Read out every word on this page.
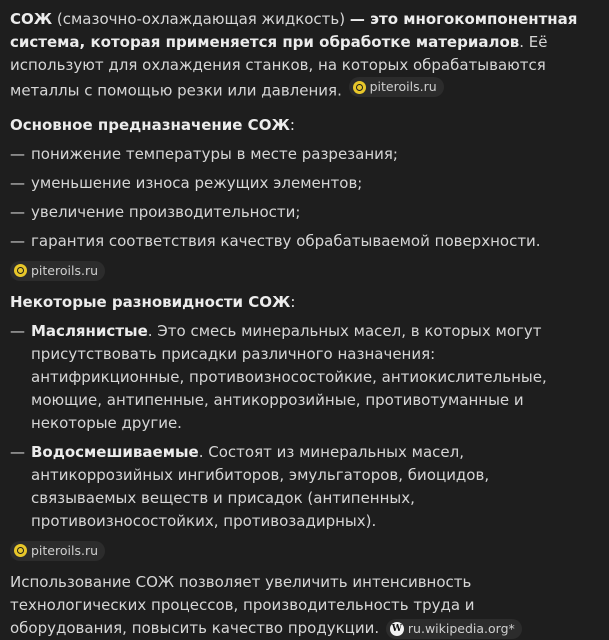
СОЖ (смазочно-охлаждающая жидкость) — это многокомпонентная система, которая применяется при обработке материалов. Её используют для охлаждения станков, на которых обрабатываются металлы с помощью резки или давления. piteroils.ru

Основное предназначение СОЖ:

— понижение температуры в месте разрезания;
— уменьшение износа режущих элементов;
— увеличение производительности;
— гарантия соответствия качеству обрабатываемой поверхности.
piteroils.ru

Некоторые разновидности СОЖ:

— Маслянистые. Это смесь минеральных масел, в которых могут присутствовать присадки различного назначения: антифрикционные, противоизносостойкие, антиокислительные, моющие, антипенные, антикоррозийные, противотуманные и некоторые другие.
— Водосмешиваемые. Состоят из минеральных масел, антикоррозийных ингибиторов, эмульгаторов, биоцидов, связываемых веществ и присадок (антипенных, противоизносостойких, противозадирных).
piteroils.ru

Использование СОЖ позволяет увеличить интенсивность технологических процессов, производительность труда и оборудования, повысить качество продукции. W ru.wikipedia.org*
